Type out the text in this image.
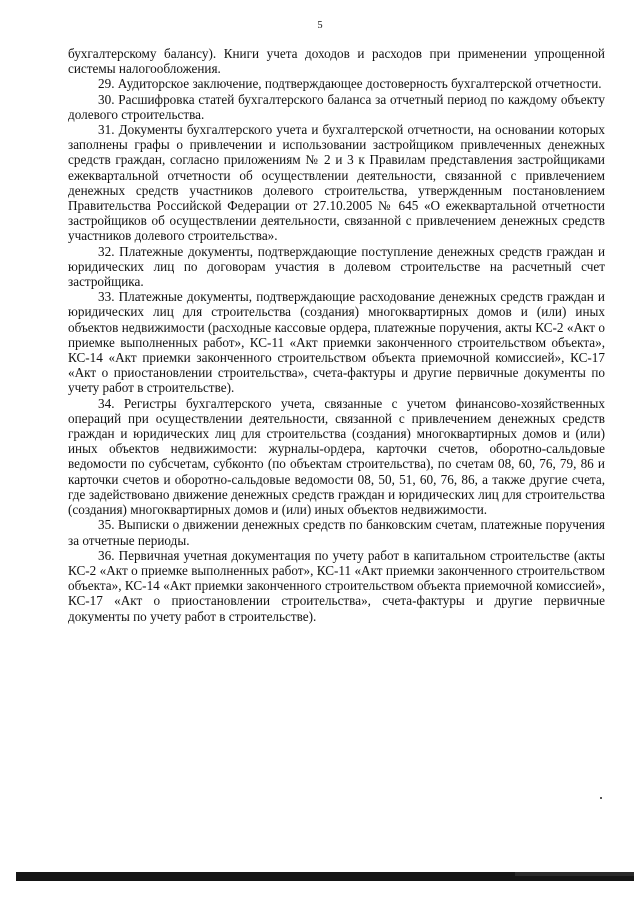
5

бухгалтерскому балансу). Книги учета доходов и расходов при применении упрощенной системы налогообложения.

29. Аудиторское заключение, подтверждающее достоверность бухгалтерской отчетности.

30. Расшифровка статей бухгалтерского баланса за отчетный период по каждому объекту долевого строительства.

31. Документы бухгалтерского учета и бухгалтерской отчетности, на основании которых заполнены графы о привлечении и использовании застройщиком привлеченных денежных средств граждан, согласно приложениям № 2 и 3 к Правилам представления застройщиками ежеквартальной отчетности об осуществлении деятельности, связанной с привлечением денежных средств участников долевого строительства, утвержденным постановлением Правительства Российской Федерации от 27.10.2005 № 645 «О ежеквартальной отчетности застройщиков об осуществлении деятельности, связанной с привлечением денежных средств участников долевого строительства».

32. Платежные документы, подтверждающие поступление денежных средств граждан и юридических лиц по договорам участия в долевом строительстве на расчетный счет застройщика.

33. Платежные документы, подтверждающие расходование денежных средств граждан и юридических лиц для строительства (создания) многоквартирных домов и (или) иных объектов недвижимости (расходные кассовые ордера, платежные поручения, акты КС-2 «Акт о приемке выполненных работ», КС-11 «Акт приемки законченного строительством объекта», КС-14 «Акт приемки законченного строительством объекта приемочной комиссией», КС-17 «Акт о приостановлении строительства», счета-фактуры и другие первичные документы по учету работ в строительстве).

34. Регистры бухгалтерского учета, связанные с учетом финансово-хозяйственных операций при осуществлении деятельности, связанной с привлечением денежных средств граждан и юридических лиц для строительства (создания) многоквартирных домов и (или) иных объектов недвижимости: журналы-ордера, карточки счетов, оборотно-сальдовые ведомости по субсчетам, субконто (по объектам строительства), по счетам 08, 60, 76, 79, 86 и карточки счетов и оборотно-сальдовые ведомости 08, 50, 51, 60, 76, 86, а также другие счета, где задействовано движение денежных средств граждан и юридических лиц для строительства (создания) многоквартирных домов и (или) иных объектов недвижимости.

35. Выписки о движении денежных средств по банковским счетам, платежные поручения за отчетные периоды.

36. Первичная учетная документация по учету работ в капитальном строительстве (акты КС-2 «Акт о приемке выполненных работ», КС-11 «Акт приемки законченного строительством объекта», КС-14 «Акт приемки законченного строительством объекта приемочной комиссией», КС-17 «Акт о приостановлении строительства», счета-фактуры и другие первичные документы по учету работ в строительстве).
